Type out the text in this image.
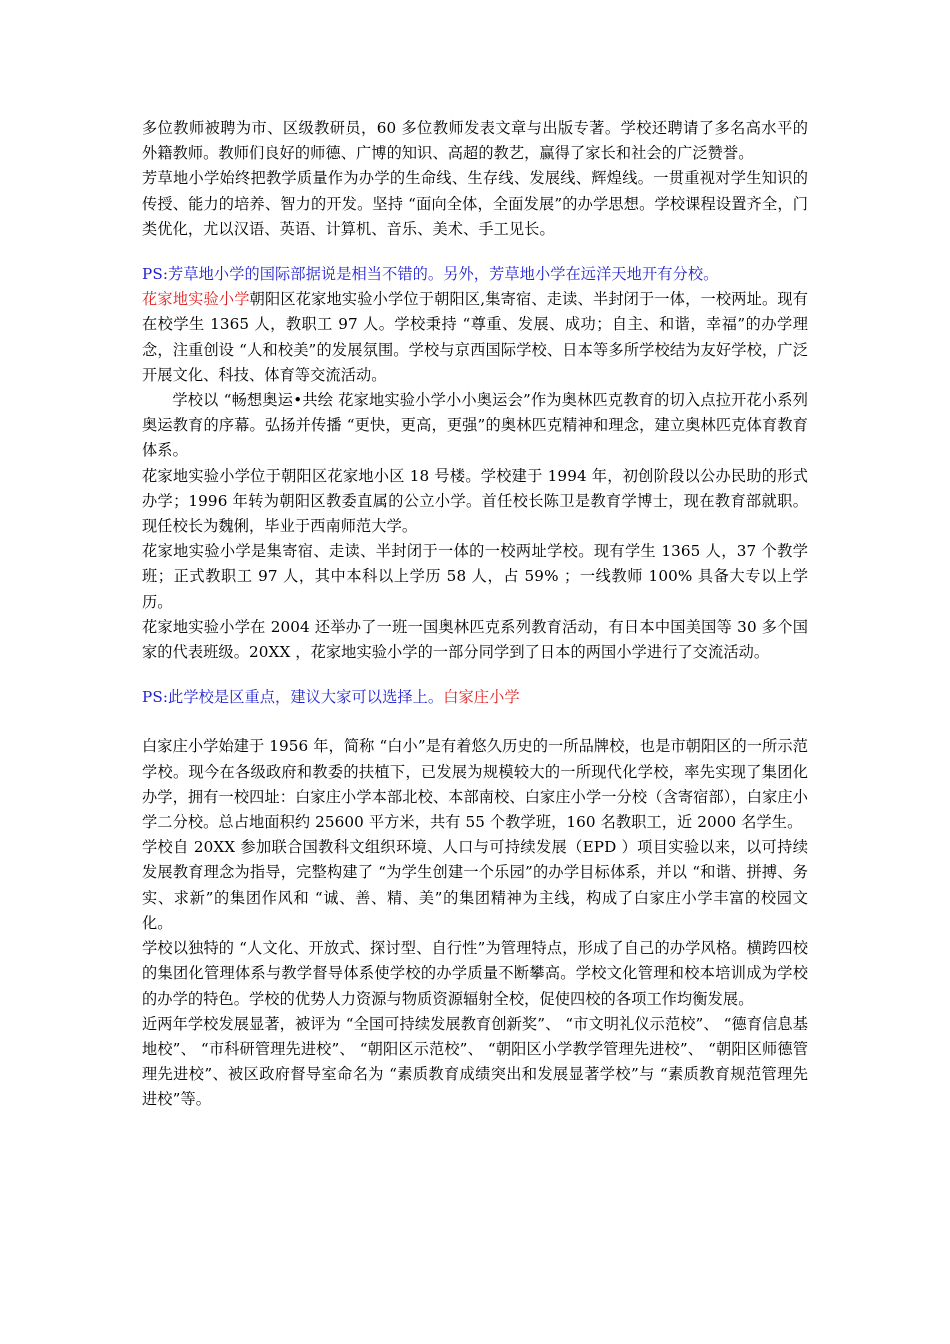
多位教师被聘为市、区级教研员，60 多位教师发表文章与出版专著。学校还聘请了多名高水平的外籍教师。教师们良好的师德、广博的知识、高超的教艺，赢得了家长和社会的广泛赞誉。

芳草地小学始终把教学质量作为办学的生命线、生存线、发展线、辉煌线。一贯重视对学生知识的传授、能力的培养、智力的开发。坚持 “面向全体，全面发展”的办学思想。学校课程设置齐全，门类优化，尤以汉语、英语、计算机、音乐、美术、手工见长。

PS:芳草地小学的国际部据说是相当不错的。另外，芳草地小学在远洋天地开有分校。

花家地实验小学朝阳区花家地实验小学位于朝阳区,集寄宿、走读、半封闭于一体，一校两址。现有在校学生 1365 人，教职工 97 人。学校秉持 “尊重、发展、成功；自主、和谐，幸福”的办学理念，注重创设 “人和校美”的发展氛围。学校与京西国际学校、日本等多所学校结为友好学校，广泛开展文化、科技、体育等交流活动。

学校以 “畅想奥运•共绘 花家地实验小学小小奥运会”作为奥林匹克教育的切入点拉开花小系列奥运教育的序幕。弘扬并传播 “更快，更高，更强”的奥林匹克精神和理念，建立奥林匹克体育教育体系。

花家地实验小学位于朝阳区花家地小区 18 号楼。学校建于 1994 年，初创阶段以公办民助的形式办学；1996 年转为朝阳区教委直属的公立小学。首任校长陈卫是教育学博士，现在教育部就职。现任校长为魏俐，毕业于西南师范大学。

花家地实验小学是集寄宿、走读、半封闭于一体的一校两址学校。现有学生 1365 人，37 个教学班；正式教职工 97 人，其中本科以上学历 58 人，占 59% ；一线教师 100% 具备大专以上学历。

花家地实验小学在 2004 还举办了一班一国奥林匹克系列教育活动，有日本中国美国等 30 多个国家的代表班级。20XX ，花家地实验小学的一部分同学到了日本的两国小学进行了交流活动。

PS:此学校是区重点，建议大家可以选择上。白家庄小学

白家庄小学始建于 1956 年，简称 “白小”是有着悠久历史的一所品牌校，也是市朝阳区的一所示范学校。现今在各级政府和教委的扶植下，已发展为规模较大的一所现代化学校，率先实现了集团化办学，拥有一校四址：白家庄小学本部北校、本部南校、白家庄小学一分校（含寄宿部），白家庄小学二分校。总占地面积约 25600 平方米，共有 55 个教学班，160 名教职工，近 2000 名学生。

学校自 20XX 参加联合国教科文组织环境、人口与可持续发展（EPD ）项目实验以来，以可持续发展教育理念为指导，完整构建了 “为学生创建一个乐园”的办学目标体系，并以 “和谐、拼搏、务实、求新”的集团作风和 “诚、善、精、美”的集团精神为主线，构成了白家庄小学丰富的校园文化。

学校以独特的 “人文化、开放式、探讨型、自行性”为管理特点，形成了自己的办学风格。横跨四校的集团化管理体系与教学督导体系使学校的办学质量不断攀高。学校文化管理和校本培训成为学校的办学的特色。学校的优势人力资源与物质资源辐射全校，促使四校的各项工作均衡发展。

近两年学校发展显著，被评为 “全国可持续发展教育创新奖”、 “市文明礼仪示范校”、 “德育信息基地校”、 “市科研管理先进校”、 “朝阳区示范校”、 “朝阳区小学教学管理先进校”、 “朝阳区师德管理先进校”、被区政府督导室命名为 “素质教育成绩突出和发展显著学校”与 “素质教育规范管理先进校”等。
